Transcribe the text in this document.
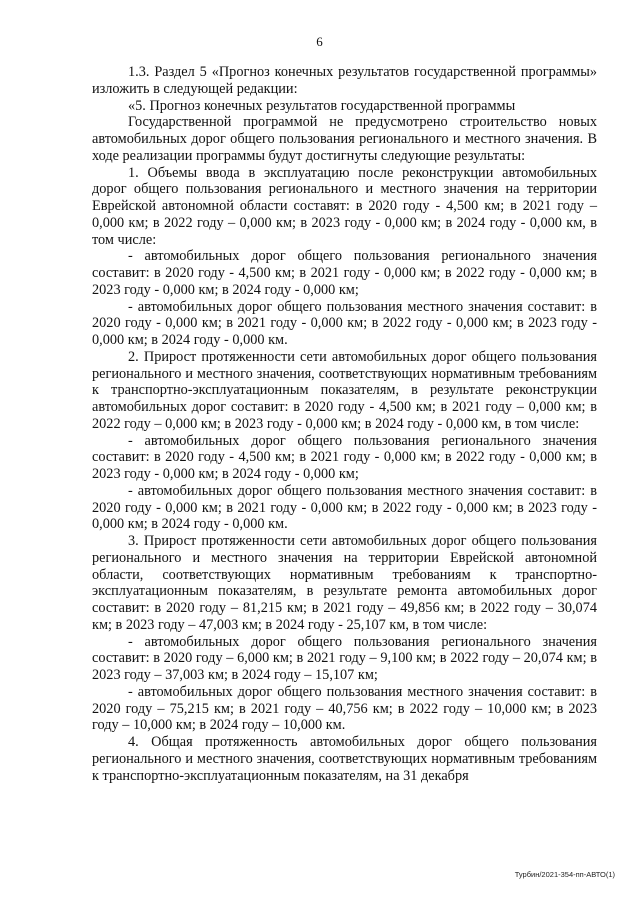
6

1.3. Раздел 5 «Прогноз конечных результатов государственной программы» изложить в следующей редакции:

«5. Прогноз конечных результатов государственной программы

Государственной программой не предусмотрено строительство новых автомобильных дорог общего пользования регионального и местного значения. В ходе реализации программы будут достигнуты следующие результаты:

1. Объемы ввода в эксплуатацию после реконструкции автомобильных дорог общего пользования регионального и местного значения на территории Еврейской автономной области составят: в 2020 году - 4,500 км; в 2021 году – 0,000 км; в 2022 году – 0,000 км; в 2023 году - 0,000 км; в 2024 году - 0,000 км, в том числе:

- автомобильных дорог общего пользования регионального значения составит: в 2020 году - 4,500 км; в 2021 году - 0,000 км; в 2022 году - 0,000 км; в 2023 году - 0,000 км; в 2024 году - 0,000 км;

- автомобильных дорог общего пользования местного значения составит: в 2020 году - 0,000 км; в 2021 году - 0,000 км; в 2022 году - 0,000 км; в 2023 году - 0,000 км; в 2024 году - 0,000 км.

2. Прирост протяженности сети автомобильных дорог общего пользования регионального и местного значения, соответствующих нормативным требованиям к транспортно-эксплуатационным показателям, в результате реконструкции автомобильных дорог составит: в 2020 году - 4,500 км; в 2021 году – 0,000 км; в 2022 году – 0,000 км; в 2023 году - 0,000 км; в 2024 году - 0,000 км, в том числе:

- автомобильных дорог общего пользования регионального значения составит: в 2020 году - 4,500 км; в 2021 году - 0,000 км; в 2022 году - 0,000 км; в 2023 году - 0,000 км; в 2024 году - 0,000 км;

- автомобильных дорог общего пользования местного значения составит: в 2020 году - 0,000 км; в 2021 году - 0,000 км; в 2022 году - 0,000 км; в 2023 году - 0,000 км; в 2024 году - 0,000 км.

3. Прирост протяженности сети автомобильных дорог общего пользования регионального и местного значения на территории Еврейской автономной области, соответствующих нормативным требованиям к транспортно-эксплуатационным показателям, в результате ремонта автомобильных дорог составит: в 2020 году – 81,215 км; в 2021 году – 49,856 км; в 2022 году – 30,074 км; в 2023 году – 47,003 км; в 2024 году - 25,107 км, в том числе:

- автомобильных дорог общего пользования регионального значения составит: в 2020 году – 6,000 км; в 2021 году – 9,100 км; в 2022 году – 20,074 км; в 2023 году – 37,003 км; в 2024 году – 15,107 км;

- автомобильных дорог общего пользования местного значения составит: в 2020 году – 75,215 км; в 2021 году – 40,756 км; в 2022 году – 10,000 км; в 2023 году – 10,000 км; в 2024 году – 10,000 км.

4. Общая протяженность автомобильных дорог общего пользования регионального и местного значения, соответствующих нормативным требованиям к транспортно-эксплуатационным показателям, на 31 декабря

Турбин/2021-354-пп-АВТО(1)
